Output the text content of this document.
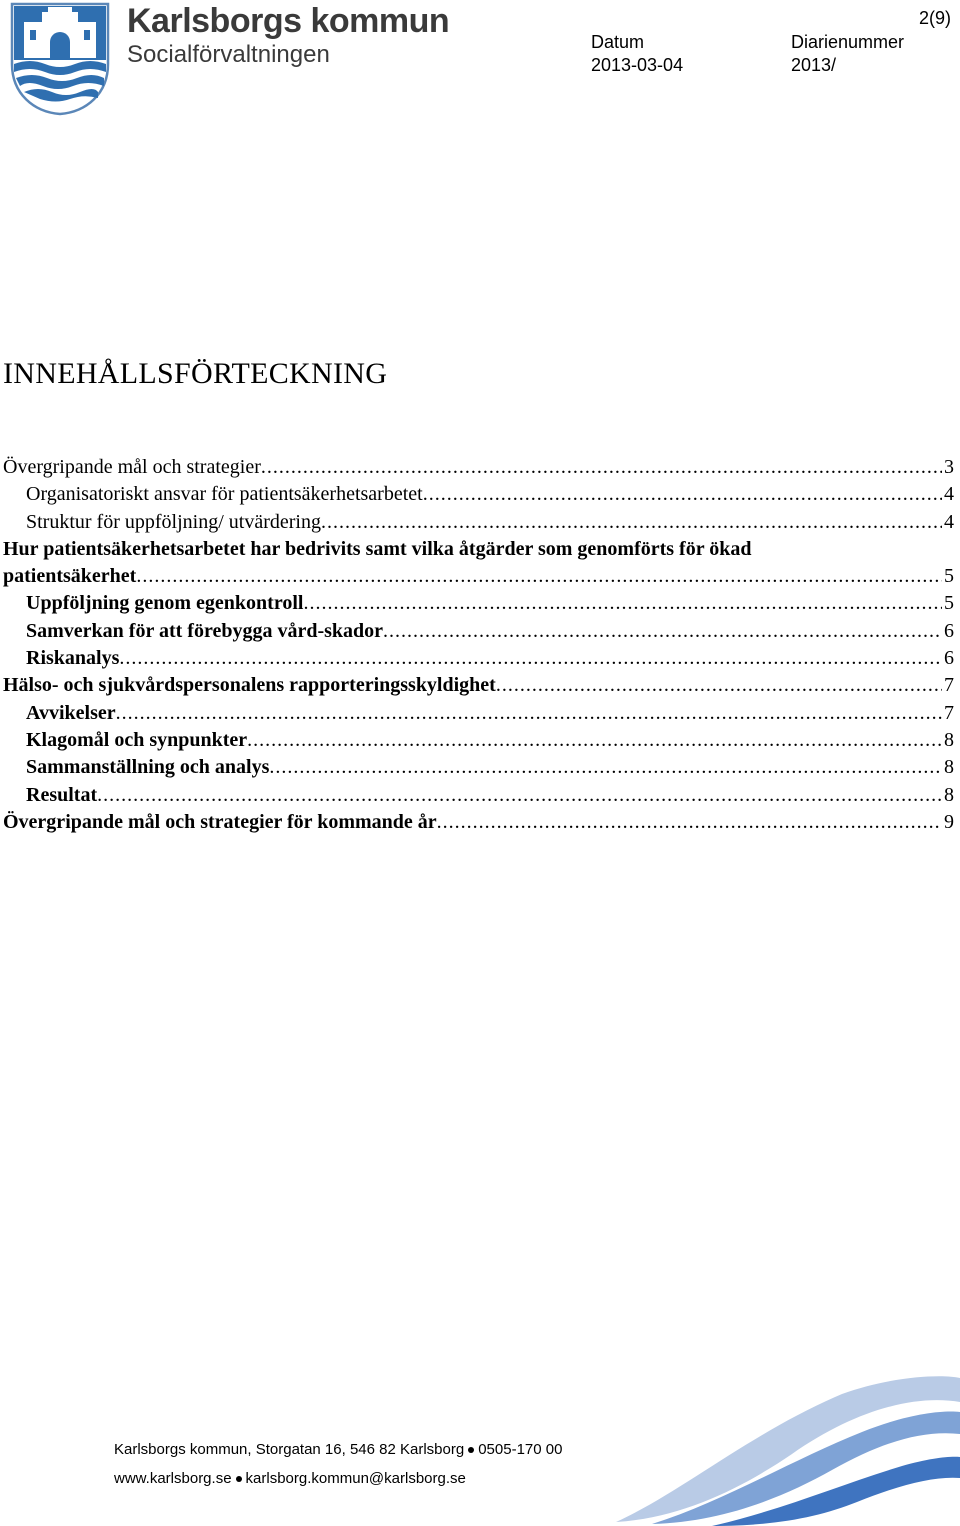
Karlsborgs kommun
Socialförvaltningen
2(9)
Datum
2013-03-04
Diarienummer
2013/
INNEHÅLLSFÖRTECKNING
Övergripande mål och strategier .....	3
Organisatoriskt ansvar för patientsäkerhetsarbetet .....	4
Struktur för uppföljning/ utvärdering .....	4
Hur patientsäkerhetsarbetet har bedrivits samt vilka åtgärder som genomförts för ökad
patientsäkerhet .....	5
Uppföljning genom egenkontroll .....	5
Samverkan för att förebygga vård-skador .....	6
Riskanalys .....	6
Hälso- och sjukvårdspersonalens rapporteringsskyldighet .....	7
Avvikelser .....	7
Klagomål och synpunkter .....	8
Sammanställning och analys .....	8
Resultat .....	8
Övergripande mål och strategier för kommande år .....	9
Karlsborgs kommun, Storgatan 16, 546 82 Karlsborg 0505-170 00
www.karlsborg.se karlsborg.kommun@karlsborg.se
